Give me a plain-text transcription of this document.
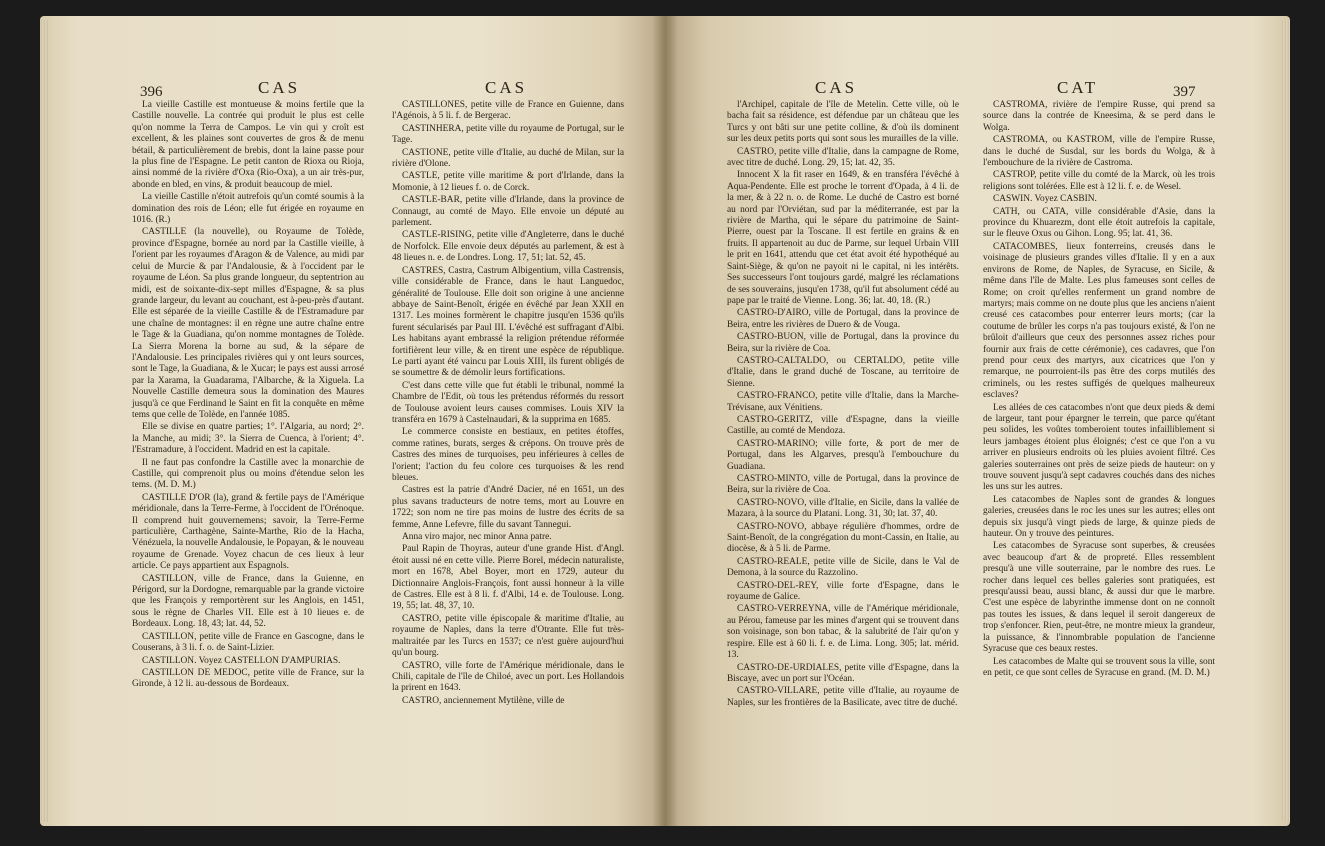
396	CAS	CAS

La vieille Castille est montueuse & moins fertile que la Castille nouvelle. La contrée qui produit le plus est celle qu'on nomme la Terra de Campos. Le vin qui y croît est excellent, & les plaines sont couvertes de gros & de menu bétail, & particulièrement de brebis, dont la laine passe pour la plus fine de l'Espagne. Le petit canton de Rioxa ou Rioja, ainsi nommé de la rivière d'Oxa (Rio-Oxa), a un air très-pur, abonde en bled, en vins, & produit beaucoup de miel.

La vieille Castille n'étoit autrefois qu'un comté soumis à la domination des rois de Léon; elle fut érigée en royaume en 1016. (R.)

CASTILLE (la nouvelle), ou Royaume de Tolède, province d'Espagne, bornée au nord par la Castille vieille, à l'orient par les royaumes d'Aragon & de Valence, au midi par celui de Murcie & par l'Andalousie, & à l'occident par le royaume de Léon. Sa plus grande longueur, du septentrion au midi, est de soixante-dix-sept milles d'Espagne, & sa plus grande largeur, du levant au couchant, est à-peu-près d'autant. Elle est séparée de la vieille Castille & de l'Estramadure par une chaîne de montagnes: il en règne une autre chaîne entre le Tage & la Guadiana, qu'on nomme montagnes de Tolède. La Sierra Morena la borne au sud, & la sépare de l'Andalousie. Les principales rivières qui y ont leurs sources, sont le Tage, la Guadiana, & le Xucar; le pays est aussi arrosé par la Xarama, la Guadarama, l'Albarche, & la Xiguela. La Nouvelle Castille demeura sous la domination des Maures jusqu'à ce que Ferdinand le Saint en fit la conquête en même tems que celle de Tolède, en l'année 1085.

Elle se divise en quatre parties; 1°. l'Algaria, au nord; 2°. la Manche, au midi; 3°. la Sierra de Cuenca, à l'orient; 4°. l'Estramadure, à l'occident. Madrid en est la capitale.

Il ne faut pas confondre la Castille avec la monarchie de Castille, qui comprenoit plus ou moins d'étendue selon les tems. (M. D. M.)

CASTILLE D'OR (la), grand & fertile pays de l'Amérique méridionale, dans la Terre-Ferme, à l'occident de l'Orénoque. Il comprend huit gouvernemens; savoir, la Terre-Ferme particulière, Carthagène, Sainte-Marthe, Rio de la Hacha, Vénézuela, la nouvelle Andalousie, le Popayan, & le nouveau royaume de Grenade. Voyez chacun de ces lieux à leur article. Ce pays appartient aux Espagnols.

CASTILLON, ville de France, dans la Guienne, en Périgord, sur la Dordogne, remarquable par la grande victoire que les François y remportèrent sur les Anglois, en 1451, sous le règne de Charles VII. Elle est à 10 lieues e. de Bordeaux. Long. 18, 43; lat. 44, 52.

CASTILLON, petite ville de France en Gascogne, dans le Couserans, à 3 li. f. o. de Saint-Lizier.

CASTILLON. Voyez CASTELLON D'AMPURIAS.

CASTILLON DE MEDOC, petite ville de France, sur la Gironde, à 12 li. au-dessous de Bordeaux.

CASTILLONES, petite ville de France en Guienne, dans l'Agénois, à 5 li. f. de Bergerac.

CASTINHERA, petite ville du royaume de Portugal, sur le Tage.

CASTIONE, petite ville d'Italie, au duché de Milan, sur la rivière d'Olone.

CASTLE, petite ville maritime & port d'Irlande, dans la Momonie, à 12 lieues f. o. de Corck.

CASTLE-BAR, petite ville d'Irlande, dans la province de Connaugt, au comté de Mayo. Elle envoie un député au parlement.

CASTLE-RISING, petite ville d'Angleterre, dans le duché de Norfolck. Elle envoie deux députés au parlement, & est à 48 lieues n. e. de Londres. Long. 17, 51; lat. 52, 45.

CASTRES, Castra, Castrum Albigentium, villa Castrensis, ville considérable de France, dans le haut Languedoc, généralité de Toulouse. Elle doit son origine à une ancienne abbaye de Saint-Benoît, érigée en évêché par Jean XXII en 1317. Les moines formèrent le chapitre jusqu'en 1536 qu'ils furent sécularisés par Paul III. L'évêché est suffragant d'Albi. Les habitans ayant embrassé la religion prétendue réformée fortifièrent leur ville, & en tirent une espèce de république. Le parti ayant été vaincu par Louis XIII, ils furent obligés de se soumettre & de démolir leurs fortifications.

C'est dans cette ville que fut établi le tribunal, nommé la Chambre de l'Edit, où tous les prétendus réformés du ressort de Toulouse avoient leurs causes commises. Louis XIV la transféra en 1679 à Castelnaudari, & la supprima en 1685.

Le commerce consiste en bestiaux, en petites étoffes, comme ratines, burats, serges & crépons. On trouve près de Castres des mines de turquoises, peu inférieures à celles de l'orient; l'action du feu colore ces turquoises & les rend bleues.

Castres est la patrie d'André Dacier, né en 1651, un des plus savans traducteurs de notre tems, mort au Louvre en 1722; son nom ne tire pas moins de lustre des écrits de sa femme, Anne Lefevre, fille du savant Tannegui.

Anna viro major, nec minor Anna patre.

Paul Rapin de Thoyras, auteur d'une grande Hist. d'Angl. étoit aussi né en cette ville. Pierre Borel, médecin naturaliste, mort en 1678, Abel Boyer, mort en 1729, auteur du Dictionnaire Anglois-François, font aussi honneur à la ville de Castres. Elle est à 8 li. f. d'Albi, 14 e. de Toulouse. Long. 19, 55; lat. 48, 37, 10.

CASTRO, petite ville épiscopale & maritime d'Italie, au royaume de Naples, dans la terre d'Otrante. Elle fut très-maltraitée par les Turcs en 1537; ce n'est guère aujourd'hui qu'un bourg.

CASTRO, ville forte de l'Amérique méridionale, dans le Chili, capitale de l'île de Chiloé, avec un port. Les Hollandois la prirent en 1643.

CASTRO, anciennement Mytilène, ville de

CAS	CAT	397

l'Archipel, capitale de l'île de Metelin. Cette ville, où le bacha fait sa résidence, est défendue par un château que les Turcs y ont bâti sur une petite colline, & d'où ils dominent sur les deux petits ports qui sont sous les murailles de la ville.

CASTRO, petite ville d'Italie, dans la campagne de Rome, avec titre de duché. Long. 29, 15; lat. 42, 35.

Innocent X la fit raser en 1649, & en transféra l'évêché à Aqua-Pendente. Elle est proche le torrent d'Opada, à 4 li. de la mer, & à 22 n. o. de Rome. Le duché de Castro est borné au nord par l'Orviétan, sud par la méditerranée, est par la rivière de Martha, qui le sépare du patrimoine de Saint-Pierre, ouest par la Toscane. Il est fertile en grains & en fruits. Il appartenoit au duc de Parme, sur lequel Urbain VIII le prit en 1641, attendu que cet état avoit été hypothéqué au Saint-Siège, & qu'on ne payoit ni le capital, ni les intérêts. Ses successeurs l'ont toujours gardé, malgré les réclamations de ses souverains, jusqu'en 1738, qu'il fut absolument cédé au pape par le traité de Vienne. Long. 36; lat. 40, 18. (R.)

CASTRO-D'AIRO, ville de Portugal, dans la province de Beira, entre les rivières de Duero & de Vouga.

CASTRO-BUON, ville de Portugal, dans la province du Beira, sur la rivière de Coa.

CASTRO-CALTALDO, ou CERTALDO, petite ville d'Italie, dans le grand duché de Toscane, au territoire de Sienne.

CASTRO-FRANCO, petite ville d'Italie, dans la Marche-Trévisane, aux Vénitiens.

CASTRO-GERITZ, ville d'Espagne, dans la vieille Castille, au comté de Mendoza.

CASTRO-MARINO; ville forte, & port de mer de Portugal, dans les Algarves, presqu'à l'embouchure du Guadiana.

CASTRO-MINTO, ville de Portugal, dans la province de Beira, sur la rivière de Coa.

CASTRO-NOVO, ville d'Italie, en Sicile, dans la vallée de Mazara, à la source du Platani. Long. 31, 30; lat. 37, 40.

CASTRO-NOVO, abbaye régulière d'hommes, ordre de Saint-Benoît, de la congrégation du mont-Cassin, en Italie, au diocèse, & à 5 li. de Parme.

CASTRO-REALE, petite ville de Sicile, dans le Val de Demona, à la source du Razzolino.

CASTRO-DEL-REY, ville forte d'Espagne, dans le royaume de Galice.

CASTRO-VERREYNA, ville de l'Amérique méridionale, au Pérou, fameuse par les mines d'argent qui se trouvent dans son voisinage, son bon tabac, & la salubrité de l'air qu'on y respire. Elle est à 60 li. f. e. de Lima. Long. 305; lat. mérid. 13.

CASTRO-DE-URDIALES, petite ville d'Espagne, dans la Biscaye, avec un port sur l'Océan.

CASTRO-VILLARE, petite ville d'Italie, au royaume de Naples, sur les frontières de la Basilicate, avec titre de duché.

CASTROMA, rivière de l'empire Russe, qui prend sa source dans la contrée de Kneesima, & se perd dans le Wolga.

CASTROMA, ou KASTROM, ville de l'empire Russe, dans le duché de Susdal, sur les bords du Wolga, & à l'embouchure de la rivière de Castroma.

CASTROP, petite ville du comté de la Marck, où les trois religions sont tolérées. Elle est à 12 li. f. e. de Wesel.

CASWIN. Voyez CASBIN.

CATH, ou CATA, ville considérable d'Asie, dans la province du Khuarezm, dont elle étoit autrefois la capitale, sur le fleuve Oxus ou Gihon. Long. 95; lat. 41, 36.

CATACOMBES, lieux fonterreins, creusés dans le voisinage de plusieurs grandes villes d'Italie. Il y en a aux environs de Rome, de Naples, de Syracuse, en Sicile, & même dans l'île de Malte. Les plus fameuses sont celles de Rome; on croit qu'elles renferment un grand nombre de martyrs; mais comme on ne doute plus que les anciens n'aient creusé ces catacombes pour enterrer leurs morts; (car la coutume de brûler les corps n'a pas toujours existé, & l'on ne brûloit d'ailleurs que ceux des personnes assez riches pour fournir aux frais de cette cérémonie), ces cadavres, que l'on prend pour ceux des martyrs, aux cicatrices que l'on y remarque, ne pourroient-ils pas être des corps mutilés des criminels, ou les restes suffigés de quelques malheureux esclaves?

Les allées de ces catacombes n'ont que deux pieds & demi de largeur, tant pour épargner le terrein, que parce qu'étant peu solides, les voûtes tomberoient toutes infailliblement si leurs jambages étoient plus éloignés; c'est ce que l'on a vu arriver en plusieurs endroits où les pluies avoient filtré. Ces galeries souterraines ont près de seize pieds de hauteur: on y trouve souvent jusqu'à sept cadavres couchés dans des niches les uns sur les autres.

Les catacombes de Naples sont de grandes & longues galeries, creusées dans le roc les unes sur les autres; elles ont depuis six jusqu'à vingt pieds de large, & quinze pieds de hauteur. On y trouve des peintures.

Les catacombes de Syracuse sont superbes, & creusées avec beaucoup d'art & de propreté. Elles ressemblent presqu'à une ville souterraine, par le nombre des rues. Le rocher dans lequel ces belles galeries sont pratiquées, est presqu'aussi beau, aussi blanc, & aussi dur que le marbre. C'est une espèce de labyrinthe immense dont on ne connoît pas toutes les issues, & dans lequel il seroit dangereux de trop s'enfoncer. Rien, peut-être, ne montre mieux la grandeur, la puissance, & l'innombrable population de l'ancienne Syracuse que ces beaux restes.

Les catacombes de Malte qui se trouvent sous la ville, sont en petit, ce que sont celles de Syracuse en grand. (M. D. M.)
